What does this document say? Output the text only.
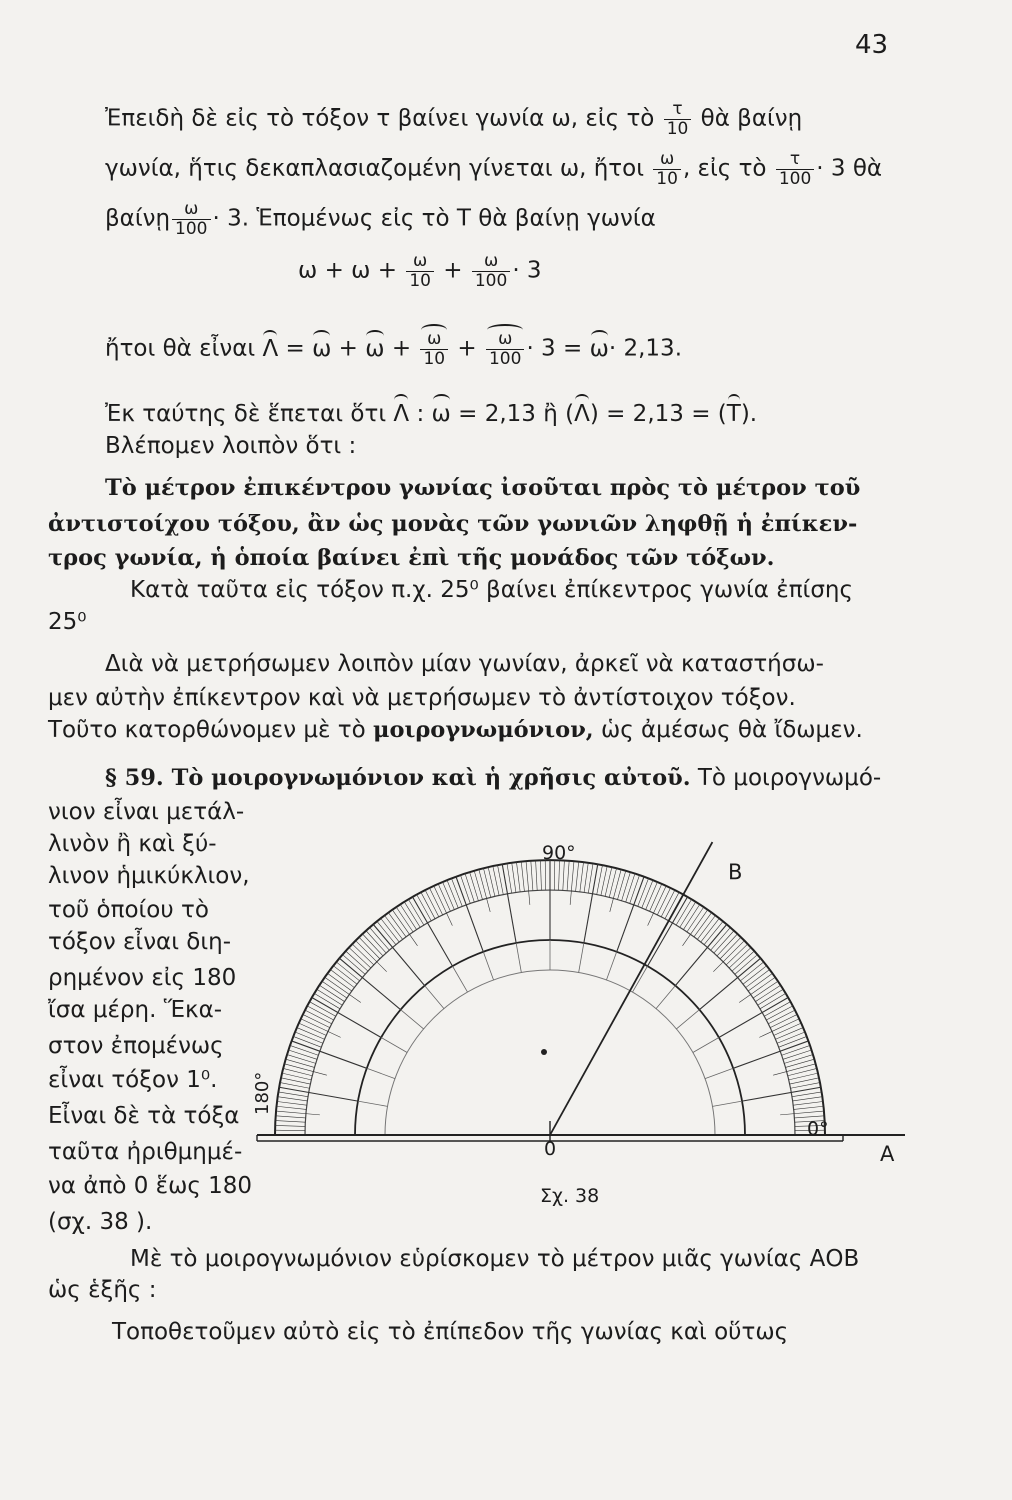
43
Ἐπειδὴ δὲ εἰς τὸ τόξον τ βαίνει γωνία ω, εἰς τὸ $\frac{\tau}{10}$ θὰ βαίνῃ
γωνία, ἥτις δεκαπλασιαζομένη γίνεται ω, ἤτοι $\frac{\omega}{10}$ , εἰς τὸ $\frac{\tau}{100} \cdot 3$ θὰ
βαίνῃ $\frac{\omega}{100} \cdot 3$. Ἑπομένως εἰς τὸ Τ θὰ βαίνῃ γωνία
$\omega + \omega + \frac{\omega}{10} + \frac{\omega}{100} \cdot 3$
ἤτοι θὰ εἶναι $\Lambda = \omega + \omega + \frac{\omega}{10} + \frac{\omega}{100} \cdot 3 = \omega\cdot 2,13$.
Ἐκ ταύτης δὲ ἕπεται ὅτι Λ : ω = 2,13 ἢ (Λ) = 2,13 = (Τ).
Βλέπομεν λοιπὸν ὅτι :
Τὸ μέτρον ἐπικέντρου γωνίας ἰσοῦται πρὸς τὸ μέτρον τοῦ
ἀντιστοίχου τόξου, ἂν ὡς μονὰς τῶν γωνιῶν ληφθῇ ἡ ἐπίκεν-
τρος γωνία, ἡ ὁποία βαίνει ἐπὶ τῆς μονάδος τῶν τόξων.
Κατὰ ταῦτα εἰς τόξον π.χ. 25⁰ βαίνει ἐπίκεντρος γωνία ἐπίσης
25⁰
Διὰ νὰ μετρήσωμεν λοιπὸν μίαν γωνίαν, ἀρκεῖ νὰ καταστήσω-
μεν αὐτὴν ἐπίκεντρον καὶ νὰ μετρήσωμεν τὸ ἀντίστοιχον τόξον.
Τοῦτο κατορθώνομεν μὲ τὸ μοιρογνωμόνιον, ὡς ἀμέσως θὰ ἴδωμεν.
§ 59. Τὸ μοιρογνωμόνιον καὶ ἡ χρῆσις αὐτοῦ. Τὸ μοιρογνωμό-
νιον εἶναι μετάλ-
λινὸν ἢ καὶ ξύ-
λινον ἡμικύκλιον,
τοῦ ὁποίου τὸ
τόξον εἶναι διη-
ρημένον εἰς 180
ἴσα μέρη. Ἕκα-
στον ἐπομένως
εἶναι τόξον 1⁰.
Εἶναι δὲ τὰ τόξα
ταῦτα ἠριθμημέ-
να ἀπὸ 0 ἕως 180
(σχ. 38 ).
90°
Β
180°
0°
0	Α
Σχ. 38
Μὲ τὸ μοιρογνωμόνιον εὑρίσκομεν τὸ μέτρον μιᾶς γωνίας ΑΟΒ
ὡς ἑξῆς :
Τοποθετοῦμεν αὐτὸ εἰς τὸ ἐπίπεδον τῆς γωνίας καὶ οὕτως
